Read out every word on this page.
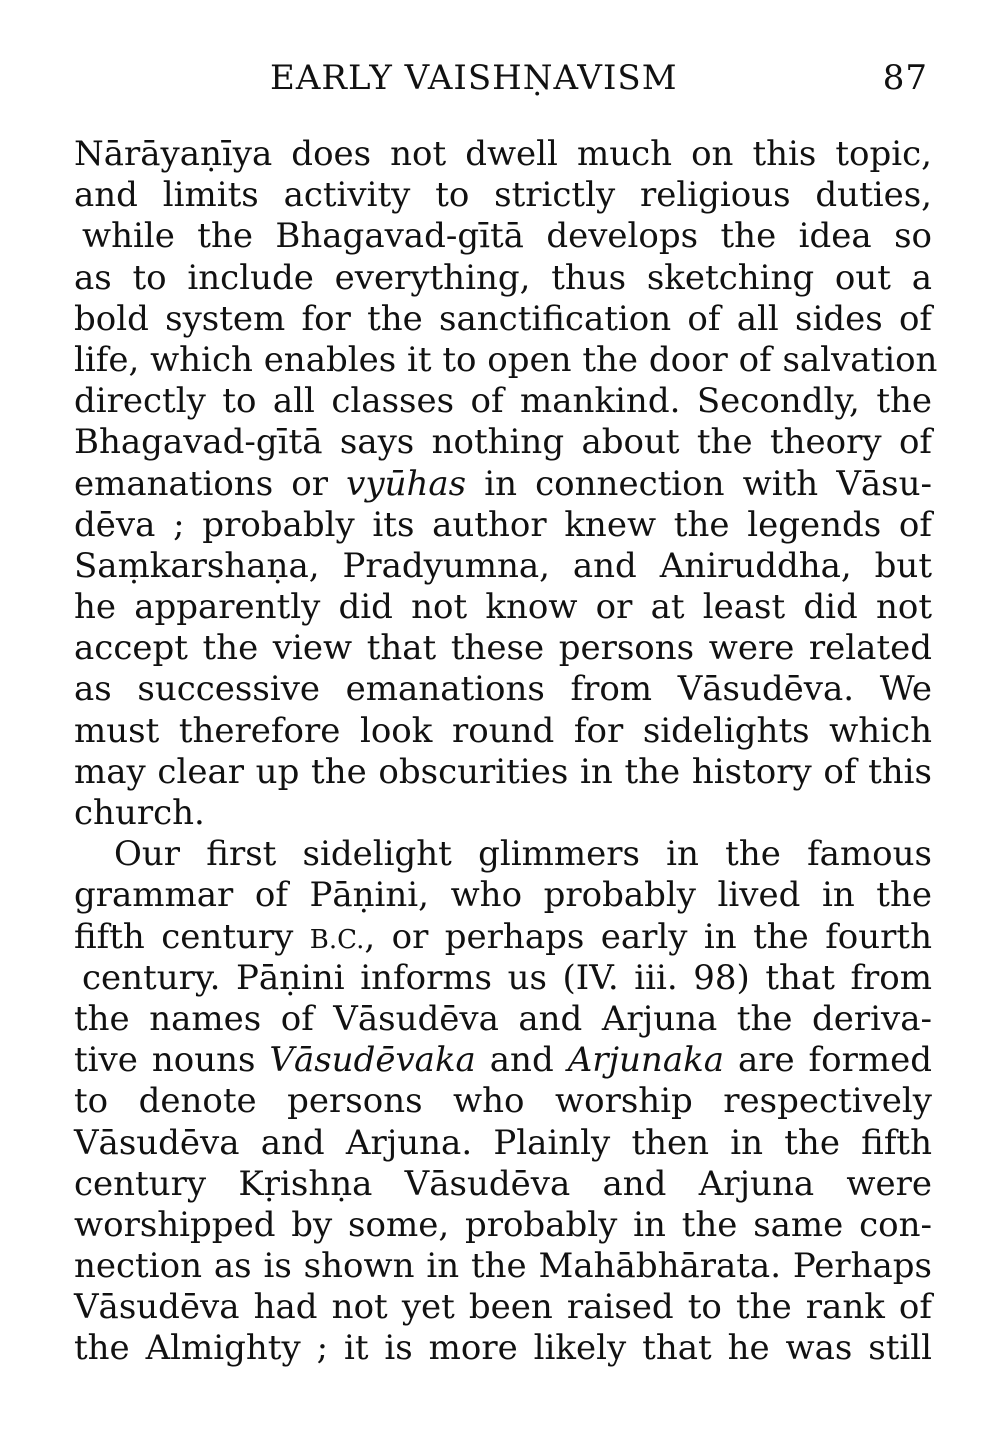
EARLY VAISHṆAVISM	87
Nārāyaṇīya does not dwell much on this topic,
and limits activity to strictly religious duties,
while the Bhagavad-gītā develops the idea so
as to include everything, thus sketching out a
bold system for the sanctification of all sides of
life, which enables it to open the door of salvation
directly to all classes of mankind. Secondly, the
Bhagavad-gītā says nothing about the theory of
emanations or vyūhas in connection with Vāsu-
dēva ; probably its author knew the legends of
Saṃkarshaṇa, Pradyumna, and Aniruddha, but
he apparently did not know or at least did not
accept the view that these persons were related
as successive emanations from Vāsudēva. We
must therefore look round for sidelights which
may clear up the obscurities in the history of this
church.
Our first sidelight glimmers in the famous
grammar of Pāṇini, who probably lived in the
fifth century B.C., or perhaps early in the fourth
century. Pāṇini informs us (IV. iii. 98) that from
the names of Vāsudēva and Arjuna the deriva-
tive nouns Vāsudēvaka and Arjunaka are formed
to denote persons who worship respectively
Vāsudēva and Arjuna. Plainly then in the fifth
century Kṛishṇa Vāsudēva and Arjuna were
worshipped by some, probably in the same con-
nection as is shown in the Mahābhārata. Perhaps
Vāsudēva had not yet been raised to the rank of
the Almighty ; it is more likely that he was still
